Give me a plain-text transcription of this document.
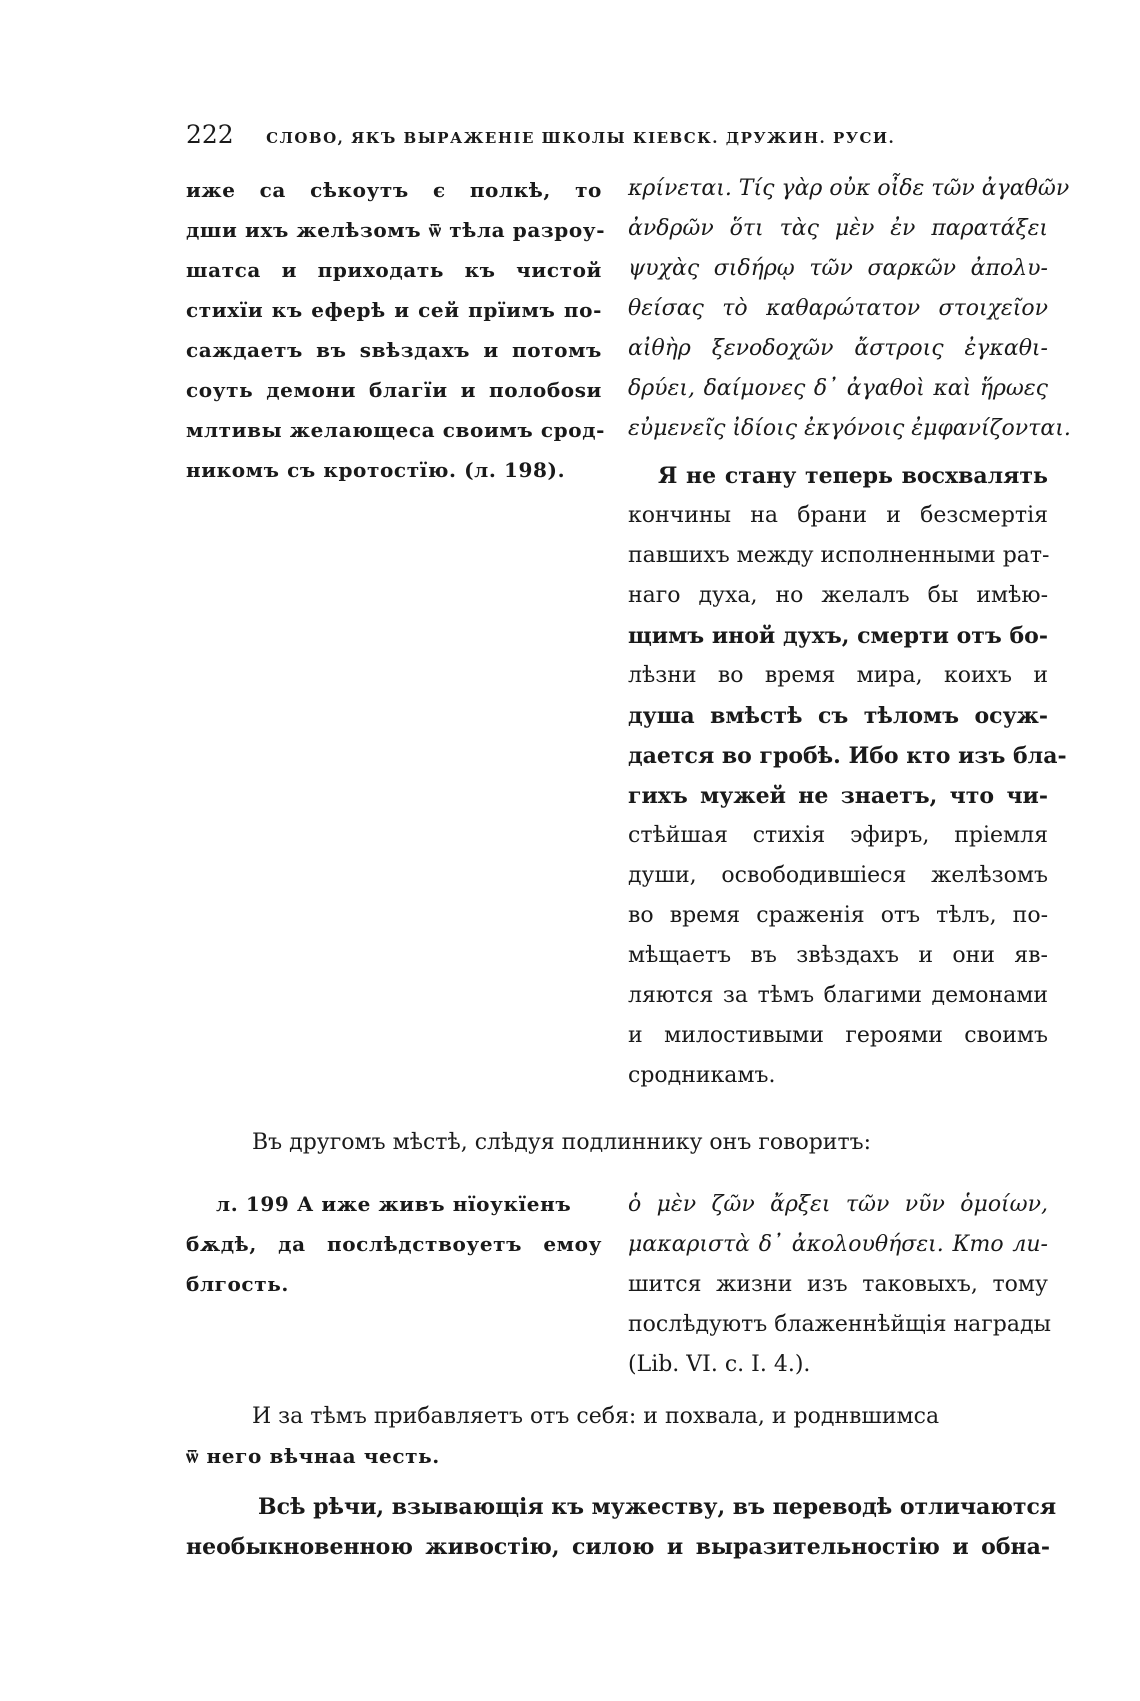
222 СЛОВО, ЯКЪ ВЫРАЖЕНІЕ ШКОЛЫ КІЕВСК. ДРУЖИН. РУСИ.
иже са сѣкоутъ є полкѣ, то
дши ихъ желѣзомъ ѿ тѣла разроу-
шатса и приходать къ чистой
стихїи къ еферѣ и сей прїимъ по-
саждаетъ въ ѕвѣздахъ и потомъ
соуть демони благїи и полобоѕи
млтивы желающеса своимъ срод-
никомъ съ кротостїю. (л. 198).
κρίνεται. Τίς γὰρ οὐκ οἶδε τῶν ἀγαθῶν
ἀνδρῶν ὅτι τὰς μὲν ἐν παρατάξει
ψυχὰς σιδήρῳ τῶν σαρκῶν ἀπολυ-
θείσας τὸ καθαρώτατον στοιχεῖον
αἰθὴρ ξενοδοχῶν ἄστροις ἐγκαθι-
δρύει, δαίμονες δ᾽ ἀγαθοὶ καὶ ἥρωες
εὐμενεῖς ἰδίοις ἐκγόνοις ἐμφανίζονται.
Я не стану теперь восхвалять
кончины на брани и безсмертія
павшихъ между исполненными рат-
наго духа, но желалъ бы имѣю-
щимъ иной духъ, смерти отъ бо-
лѣзни во время мира, коихъ и
душа вмѣстѣ съ тѣломъ осуж-
дается во гробѣ. Ибо кто изъ бла-
гихъ мужей не знаетъ, что чи-
стѣйшая стихія эфиръ, пріемля
души, освободившіеся желѣзомъ
во время сраженія отъ тѣлъ, по-
мѣщаетъ въ звѣздахъ и они яв-
ляются за тѣмъ благими демонами
и милостивыми героями своимъ
сродникамъ.
Въ другомъ мѣстѣ, слѣдуя подлиннику онъ говоритъ:
л. 199 А иже живъ нїоукїенъ
бѫдѣ, да послѣдствоуетъ емоу
блгость.
ὁ μὲν ζῶν ἄρξει τῶν νῦν ὁμοίων,
μακαριστὰ δ᾽ ἀκολουθήσει. Кто ли-
шится жизни изъ таковыхъ, тому
послѣдуютъ блаженнѣйщія награды
(Lib. VI. c. I. 4.).
И за тѣмъ прибавляетъ отъ себя: и похвала, и роднвшимса
ѿ него вѣчнаа честь.
Всѣ рѣчи, взывающія къ мужеству, въ переводѣ отличаются
необыкновенною живостію, силою и выразительностію и обна-
